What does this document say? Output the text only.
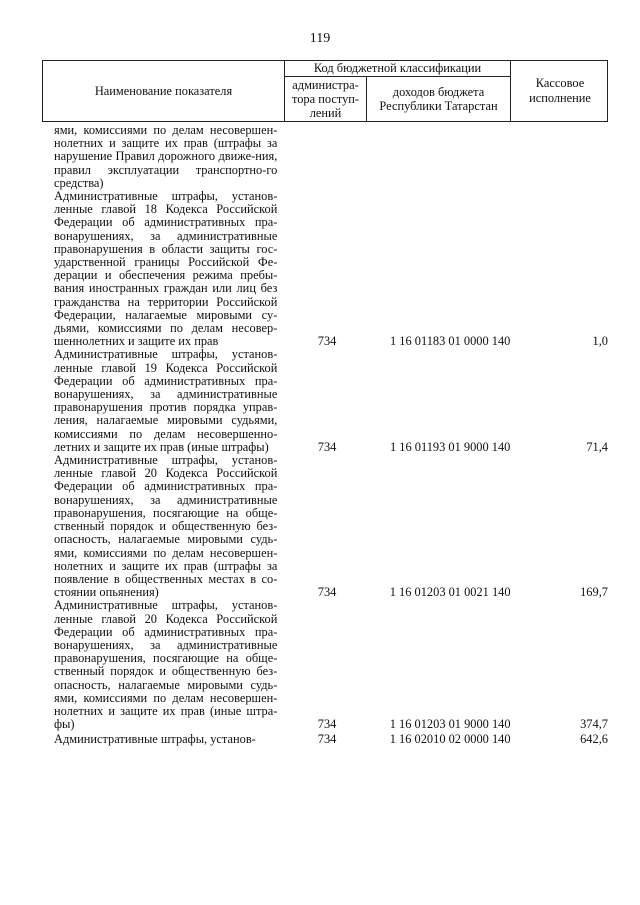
119
Наименование показателя
Код бюджетной классификации
администра-тора поступ-лений
доходов бюджета Республики Татарстан
Кассовое исполнение
ями, комиссиями по делам несовершен-нолетних и защите их прав (штрафы за нарушение Правил дорожного движе-ния, правил эксплуатации транспортно-го средства)
Административные штрафы, установ-ленные главой 18 Кодекса Российской Федерации об административных пра-вонарушениях, за административные правонарушения в области защиты гос-ударственной границы Российской Фе-дерации и обеспечения режима пребы-вания иностранных граждан или лиц без гражданства на территории Российской Федерации, налагаемые мировыми су-дьями, комиссиями по делам несовер-шеннолетних и защите их прав	734	1 16 01183 01 0000 140	1,0
Административные штрафы, установ-ленные главой 19 Кодекса Российской Федерации об административных пра-вонарушениях, за административные правонарушения против порядка управ-ления, налагаемые мировыми судьями, комиссиями по делам несовершенно-летних и защите их прав (иные штрафы)	734	1 16 01193 01 9000 140	71,4
Административные штрафы, установ-ленные главой 20 Кодекса Российской Федерации об административных пра-вонарушениях, за административные правонарушения, посягающие на обще-ственный порядок и общественную без-опасность, налагаемые мировыми судь-ями, комиссиями по делам несовершен-нолетних и защите их прав (штрафы за появление в общественных местах в со-стоянии опьянения)	734	1 16 01203 01 0021 140	169,7
Административные штрафы, установ-ленные главой 20 Кодекса Российской Федерации об административных пра-вонарушениях, за административные правонарушения, посягающие на обще-ственный порядок и общественную без-опасность, налагаемые мировыми судь-ями, комиссиями по делам несовершен-нолетних и защите их прав (иные штра-фы)	734	1 16 01203 01 9000 140	374,7
Административные штрафы, установ-	734	1 16 02010 02 0000 140	642,6
